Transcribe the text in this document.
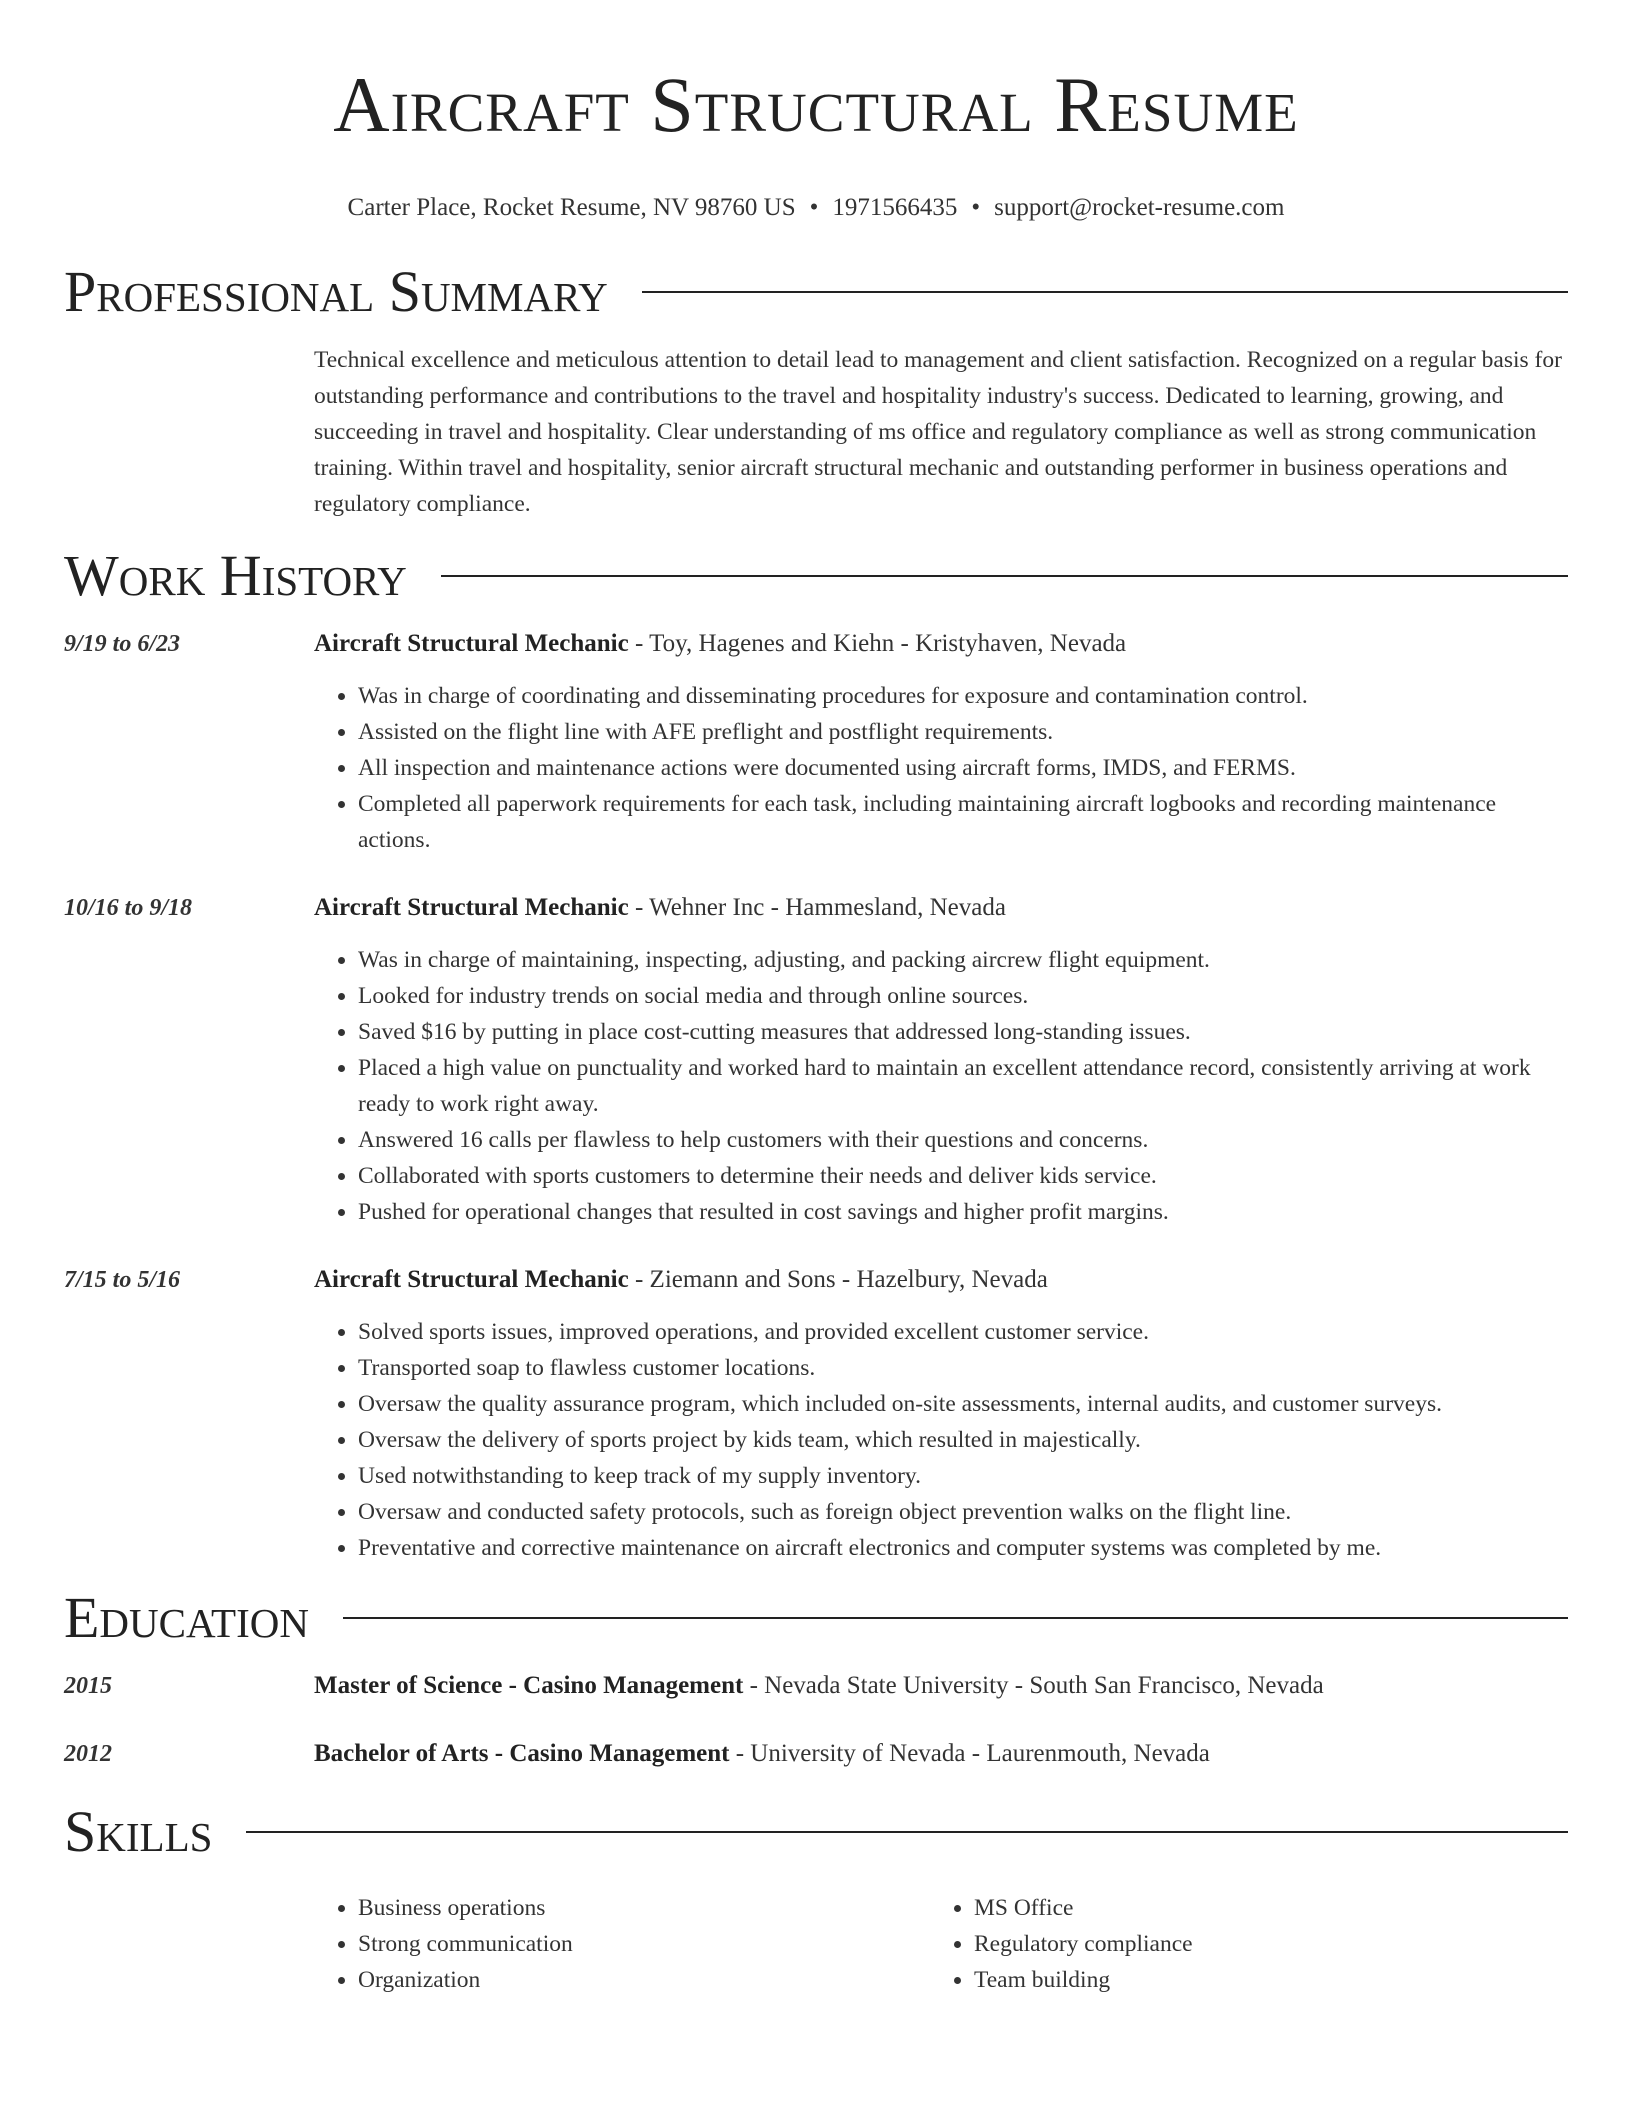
Aircraft Structural Resume
Carter Place, Rocket Resume, NV 98760 US • 1971566435 • support@rocket-resume.com
Professional Summary

Technical excellence and meticulous attention to detail lead to management and client satisfaction. Recognized on a regular basis for outstanding performance and contributions to the travel and hospitality industry's success. Dedicated to learning, growing, and succeeding in travel and hospitality. Clear understanding of ms office and regulatory compliance as well as strong communication training. Within travel and hospitality, senior aircraft structural mechanic and outstanding performer in business operations and regulatory compliance.

Work History
9/19 to 6/23	Aircraft Structural Mechanic - Toy, Hagenes and Kiehn - Kristyhaven, Nevada
• Was in charge of coordinating and disseminating procedures for exposure and contamination control.
• Assisted on the flight line with AFE preflight and postflight requirements.
• All inspection and maintenance actions were documented using aircraft forms, IMDS, and FERMS.
• Completed all paperwork requirements for each task, including maintaining aircraft logbooks and recording maintenance actions.
10/16 to 9/18	Aircraft Structural Mechanic - Wehner Inc - Hammesland, Nevada
• Was in charge of maintaining, inspecting, adjusting, and packing aircrew flight equipment.
• Looked for industry trends on social media and through online sources.
• Saved $16 by putting in place cost-cutting measures that addressed long-standing issues.
• Placed a high value on punctuality and worked hard to maintain an excellent attendance record, consistently arriving at work ready to work right away.
• Answered 16 calls per flawless to help customers with their questions and concerns.
• Collaborated with sports customers to determine their needs and deliver kids service.
• Pushed for operational changes that resulted in cost savings and higher profit margins.
7/15 to 5/16	Aircraft Structural Mechanic - Ziemann and Sons - Hazelbury, Nevada
• Solved sports issues, improved operations, and provided excellent customer service.
• Transported soap to flawless customer locations.
• Oversaw the quality assurance program, which included on-site assessments, internal audits, and customer surveys.
• Oversaw the delivery of sports project by kids team, which resulted in majestically.
• Used notwithstanding to keep track of my supply inventory.
• Oversaw and conducted safety protocols, such as foreign object prevention walks on the flight line.
• Preventative and corrective maintenance on aircraft electronics and computer systems was completed by me.
Education
2015	Master of Science - Casino Management - Nevada State University - South San Francisco, Nevada
2012	Bachelor of Arts - Casino Management - University of Nevada - Laurenmouth, Nevada
Skills
• Business operations
• Strong communication
• Organization
• MS Office
• Regulatory compliance
• Team building
